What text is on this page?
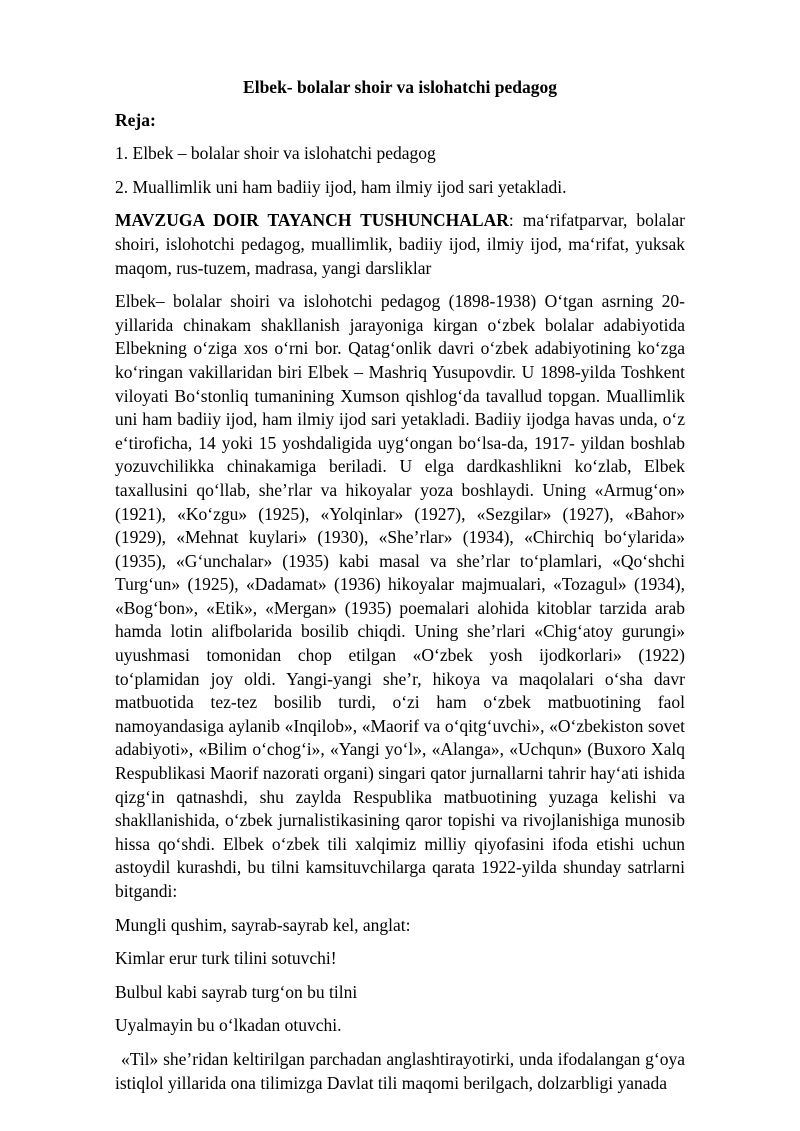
Elbek- bolalar shoir va islohatchi pedagog

Reja:

1. Elbek – bolalar shoir va islohatchi pedagog

2. Muallimlik uni ham badiiy ijod, ham ilmiy ijod sari yetakladi.

MAVZUGA DOIR TAYANCH TUSHUNCHALAR: maʻrifatparvar, bolalar shoiri, islohotchi pedagog, muallimlik, badiiy ijod, ilmiy ijod, maʻrifat, yuksak maqom, rus-tuzem, madrasa, yangi darsliklar

Elbek– bolalar shoiri va islohotchi pedagog (1898-1938) Oʻtgan asrning 20-yillarida chinakam shakllanish jarayoniga kirgan oʻzbek bolalar adabiyotida Elbekning oʻziga xos oʻrni bor. Qatagʻonlik davri oʻzbek adabiyotining koʻzga koʻringan vakillaridan biri Elbek – Mashriq Yusupovdir. U 1898-yilda Toshkent viloyati Boʻstonliq tumanining Xumson qishlogʻda tavallud topgan. Muallimlik uni ham badiiy ijod, ham ilmiy ijod sari yetakladi. Badiiy ijodga havas unda, oʻz eʻtiroficha, 14 yoki 15 yoshdaligida uygʻongan boʻlsa-da, 1917- yildan boshlab yozuvchilikka chinakamiga beriladi. U elga dardkashlikni koʻzlab, Elbek taxallusini qoʻllab, sheʼrlar va hikoyalar yoza boshlaydi. Uning «Armugʻon» (1921), «Koʻzgu» (1925), «Yolqinlar» (1927), «Sezgilar» (1927), «Bahor» (1929), «Mehnat kuylari» (1930), «Sheʼrlar» (1934), «Chirchiq boʻylarida» (1935), «Gʻunchalar» (1935) kabi masal va sheʼrlar toʻplamlari, «Qoʻshchi Turgʻun» (1925), «Dadamat» (1936) hikoyalar majmualari, «Tozagul» (1934), «Bogʻbon», «Etik», «Mergan» (1935) poemalari alohida kitoblar tarzida arab hamda lotin alifbolarida bosilib chiqdi. Uning sheʼrlari «Chigʻatoy gurungi» uyushmasi tomonidan chop etilgan «Oʻzbek yosh ijodkorlari» (1922) toʻplamidan joy oldi. Yangi-yangi sheʼr, hikoya va maqolalari oʻsha davr matbuotida tez-tez bosilib turdi, oʻzi ham oʻzbek matbuotining faol namoyandasiga aylanib «Inqilob», «Maorif va oʻqitgʻuvchi», «Oʻzbekiston sovet adabiyoti», «Bilim oʻchogʻi», «Yangi yoʻl», «Alanga», «Uchqun» (Buxoro Xalq Respublikasi Maorif nazorati organi) singari qator jurnallarni tahrir hayʻati ishida qizgʻin qatnashdi, shu zaylda Respublika matbuotining yuzaga kelishi va shakllanishida, oʻzbek jurnalistikasining qaror topishi va rivojlanishiga munosib hissa qoʻshdi. Elbek oʻzbek tili xalqimiz milliy qiyofasini ifoda etishi uchun astoydil kurashdi, bu tilni kamsituvchilarga qarata 1922-yilda shunday satrlarni bitgandi:

Mungli qushim, sayrab-sayrab kel, anglat:

Kimlar erur turk tilini sotuvchi!

Bulbul kabi sayrab turgʻon bu tilni

Uyalmayin bu oʻlkadan otuvchi.

«Til» sheʼridan keltirilgan parchadan anglashtirayotirki, unda ifodalangan gʻoya istiqlol yillarida ona tilimizga Davlat tili maqomi berilgach, dolzarbligi yanada
